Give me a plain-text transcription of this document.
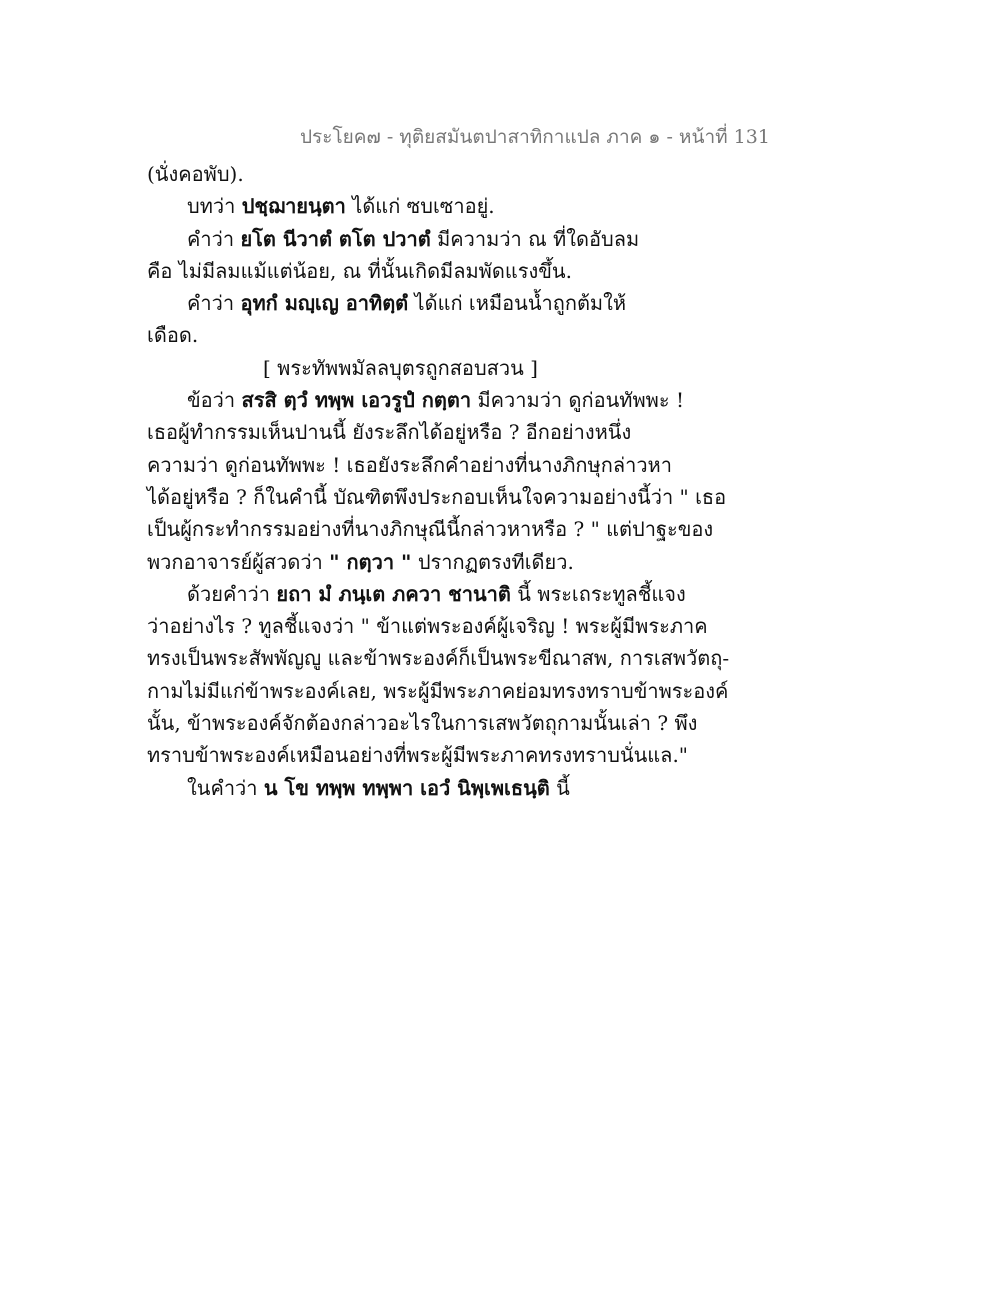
ประโยค๗ - ทุติยสมันตปาสาทิกาแปล ภาค ๑ - หน้าที่ 131
(นั่งคอพับ).
บทว่า ปชฺฌายนฺตา ได้แก่ ซบเซาอยู่.
คำว่า ยโต นีวาตํ ตโต ปวาตํ มีความว่า ณ ที่ใดอับลม
คือ ไม่มีลมแม้แต่น้อย, ณ ที่นั้นเกิดมีลมพัดแรงขึ้น.
คำว่า อุทกํ มญฺเญ อาทิตฺตํ ได้แก่ เหมือนน้ำถูกต้มให้
เดือด.
[ พระทัพพมัลลบุตรถูกสอบสวน ]
ข้อว่า สรสิ ตฺวํ ทพฺพ เอวรูปํ กตฺตา มีความว่า ดูก่อนทัพพะ !
เธอผู้ทำกรรมเห็นปานนี้ ยังระลึกได้อยู่หรือ ? อีกอย่างหนึ่ง
ความว่า ดูก่อนทัพพะ ! เธอยังระลึกคำอย่างที่นางภิกษุกล่าวหา
ได้อยู่หรือ ? ก็ในคำนี้ บัณฑิตพึงประกอบเห็นใจความอย่างนี้ว่า " เธอ
เป็นผู้กระทำกรรมอย่างที่นางภิกษุณีนี้กล่าวหาหรือ ? " แต่ปาฐะของ
พวกอาจารย์ผู้สวดว่า " กตฺวา " ปรากฏตรงทีเดียว.
ด้วยคำว่า ยถา มํ ภนฺเต ภควา ชานาติ นี้ พระเถระทูลชี้แจง
ว่าอย่างไร ? ทูลชี้แจงว่า " ข้าแต่พระองค์ผู้เจริญ ! พระผู้มีพระภาค
ทรงเป็นพระสัพพัญญู และข้าพระองค์ก็เป็นพระขีณาสพ, การเสพวัตถุ-
กามไม่มีแก่ข้าพระองค์เลย, พระผู้มีพระภาคย่อมทรงทราบข้าพระองค์
นั้น, ข้าพระองค์จักต้องกล่าวอะไรในการเสพวัตถุกามนั้นเล่า ? พึง
ทราบข้าพระองค์เหมือนอย่างที่พระผู้มีพระภาคทรงทราบนั่นแล."
ในคำว่า น โข ทพฺพ ทพฺพา เอวํ นิพฺเพเธนฺติ นี้
